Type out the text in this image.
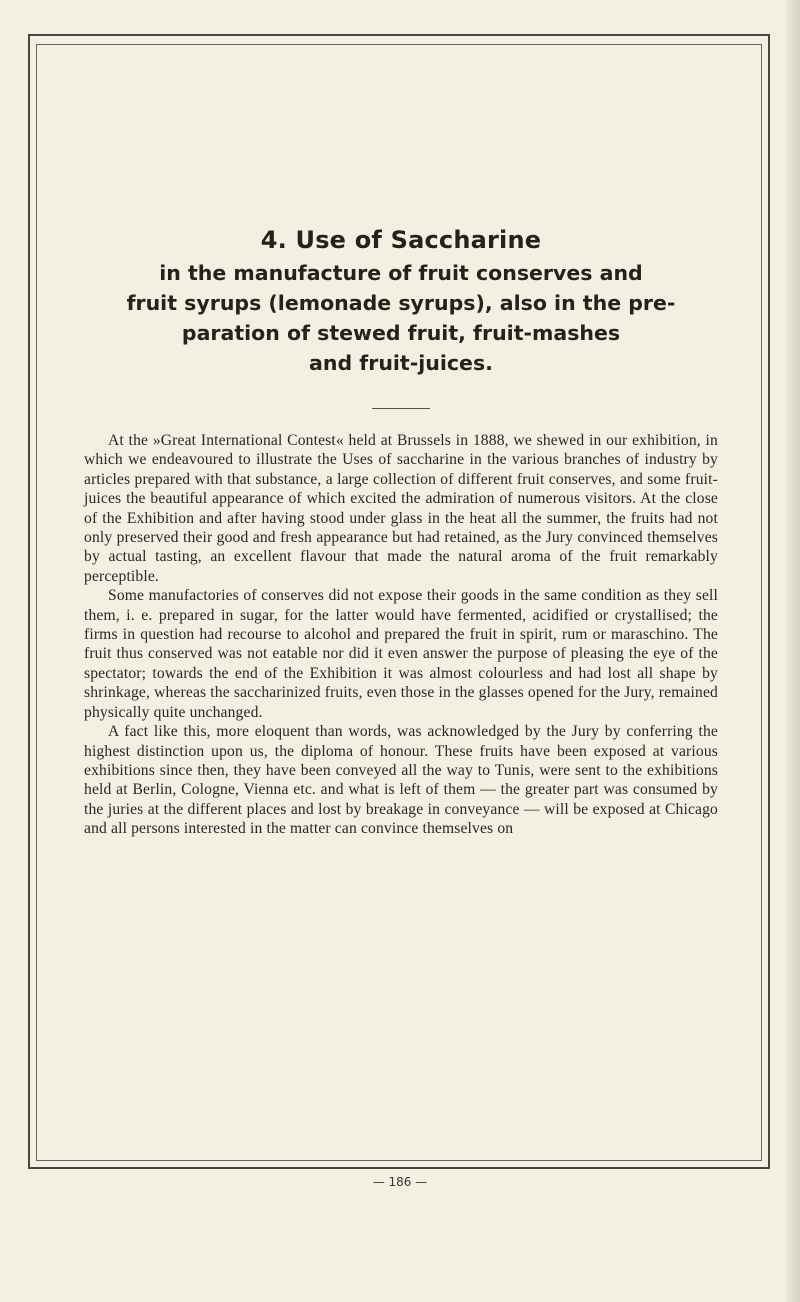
4. Use of Saccharine

in the manufacture of fruit conserves and

fruit syrups (lemonade syrups), also in the pre-

paration of stewed fruit, fruit-mashes

and fruit-juices.

At the »Great International Contest« held at Brussels in 1888, we shewed in our exhibition, in which we endeavoured to illustrate the Uses of saccharine in the various branches of industry by articles prepared with that substance, a large collection of different fruit conserves, and some fruit-juices the beautiful appearance of which excited the admiration of numerous visitors. At the close of the Exhibition and after having stood under glass in the heat all the summer, the fruits had not only preserved their good and fresh appearance but had retained, as the Jury convinced themselves by actual tasting, an excellent flavour that made the natural aroma of the fruit remarkably perceptible.

Some manufactories of conserves did not expose their goods in the same condition as they sell them, i. e. prepared in sugar, for the latter would have fermented, acidified or crystallised; the firms in question had recourse to alcohol and prepared the fruit in spirit, rum or maraschino. The fruit thus conserved was not eatable nor did it even answer the purpose of pleasing the eye of the spectator; towards the end of the Exhibition it was almost colourless and had lost all shape by shrinkage, whereas the saccharinized fruits, even those in the glasses opened for the Jury, remained physically quite unchanged.

A fact like this, more eloquent than words, was acknowledged by the Jury by conferring the highest distinction upon us, the diploma of honour. These fruits have been exposed at various exhibitions since then, they have been conveyed all the way to Tunis, were sent to the exhibitions held at Berlin, Cologne, Vienna etc. and what is left of them — the greater part was consumed by the juries at the different places and lost by breakage in conveyance — will be exposed at Chicago and all persons interested in the matter can convince themselves on

— 186 —
